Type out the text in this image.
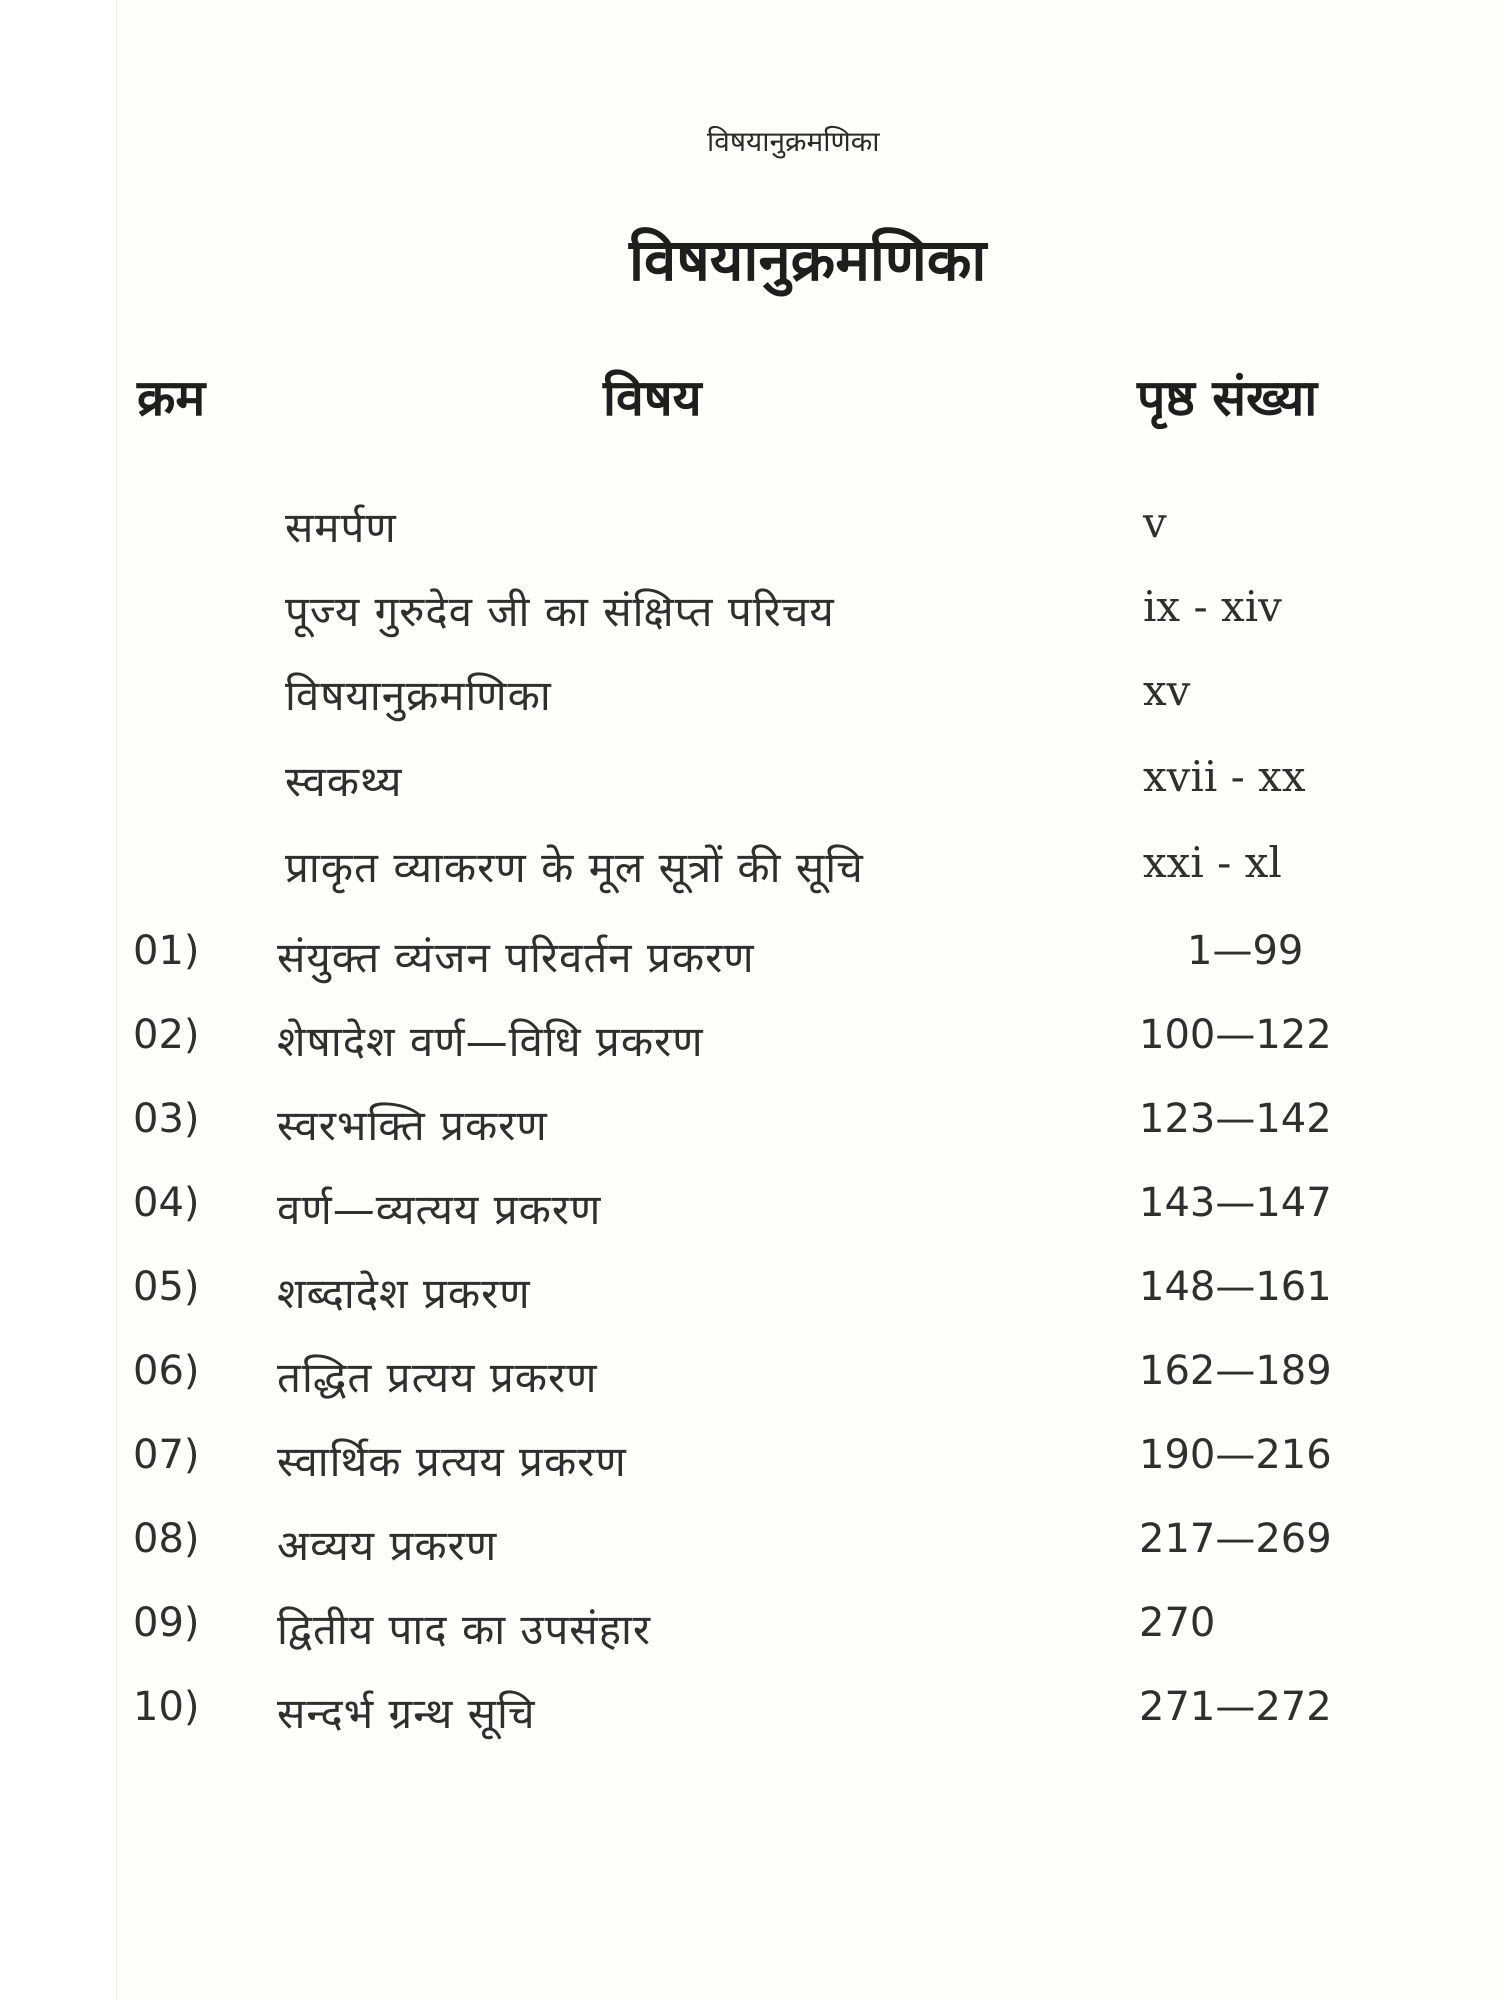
विषयानुक्रमणिका
विषयानुक्रमणिका
क्रम	विषय	पृष्ठ संख्या
समर्पण	v
पूज्य गुरुदेव जी का संक्षिप्त परिचय	ix - xiv
विषयानुक्रमणिका	xv
स्वकथ्य	xvii - xx
प्राकृत व्याकरण के मूल सूत्रों की सूचि	xxi - xl
01) संयुक्त व्यंजन परिवर्तन प्रकरण	1—99
02) शेषादेश वर्ण—विधि प्रकरण	100—122
03) स्वरभक्ति प्रकरण	123—142
04) वर्ण—व्यत्यय प्रकरण	143—147
05) शब्दादेश प्रकरण	148—161
06) तद्धित प्रत्यय प्रकरण	162—189
07) स्वार्थिक प्रत्यय प्रकरण	190—216
08) अव्यय प्रकरण	217—269
09) द्वितीय पाद का उपसंहार	270
10) सन्दर्भ ग्रन्थ सूचि	271—272
